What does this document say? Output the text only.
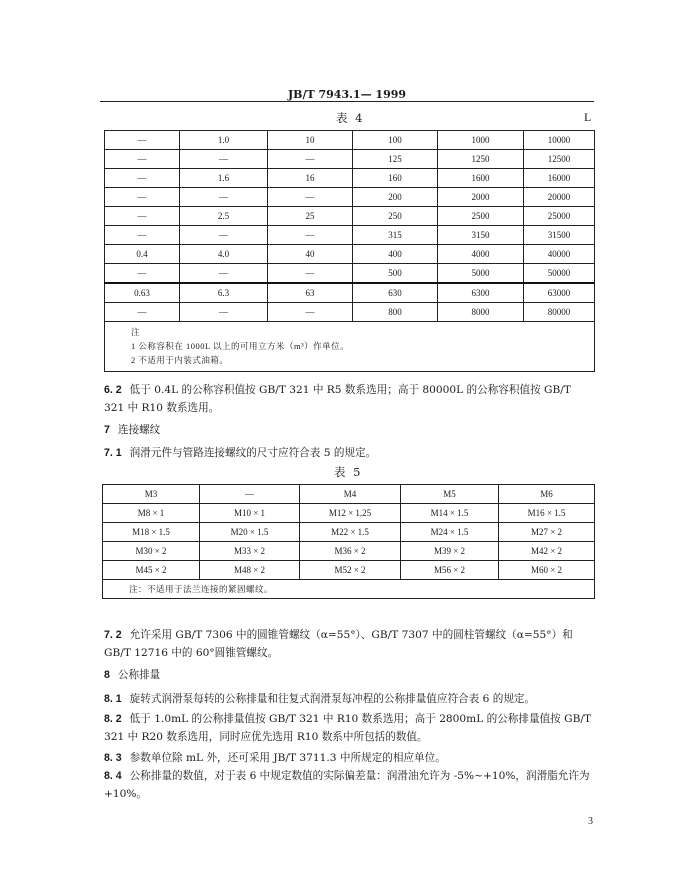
JB/T 7943.1— 1999
表 4	L
—	1.0	10	100	1000	10000
—	—	—	125	1250	12500
—	1.6	16	160	1600	16000
—	—	—	200	2000	20000
—	2.5	25	250	2500	25000
—	—	—	315	3150	31500
0.4	4.0	40	400	4000	40000
—	—	—	500	5000	50000
0.63	6.3	63	630	6300	63000
—	—	—	800	8000	80000

注
1 公称容积在 1000L 以上的可用立方米（m³）作单位。
2 不适用于内装式油箱。					
6. 2 低于 0.4L 的公称容积值按 GB/T 321 中 R5 数系选用；高于 80000L 的公称容积值按 GB/T 321 中 R10 数系选用。
7 连接螺纹
7. 1 润滑元件与管路连接螺纹的尺寸应符合表 5 的规定。
表 5
M3	—	M4	M5	M6
M8 × 1	M10 × 1	M12 × 1.25	M14 × 1.5	M16 × 1.5
M18 × 1.5	M20 × 1.5	M22 × 1.5	M24 × 1.5	M27 × 2
M30 × 2	M33 × 2	M36 × 2	M39 × 2	M42 × 2
M45 × 2	M48 × 2	M52 × 2	M56 × 2	M60 × 2
注：不适用于法兰连接的紧固螺纹。				
7. 2 允许采用 GB/T 7306 中的圆锥管螺纹（α=55°）、GB/T 7307 中的圆柱管螺纹（α=55°）和 GB/T 12716 中的 60°圆锥管螺纹。
8 公称排量
8. 1 旋转式润滑泵每转的公称排量和往复式润滑泵每冲程的公称排量值应符合表 6 的规定。
8. 2 低于 1.0mL 的公称排量值按 GB/T 321 中 R10 数系选用；高于 2800mL 的公称排量值按 GB/T 321 中 R20 数系选用，同时应优先选用 R10 数系中所包括的数值。
8. 3 参数单位除 mL 外，还可采用 JB/T 3711.3 中所规定的相应单位。
8. 4 公称排量的数值，对于表 6 中规定数值的实际偏差量：润滑油允许为 -5%~+10%，润滑脂允许为 +10%。
3
